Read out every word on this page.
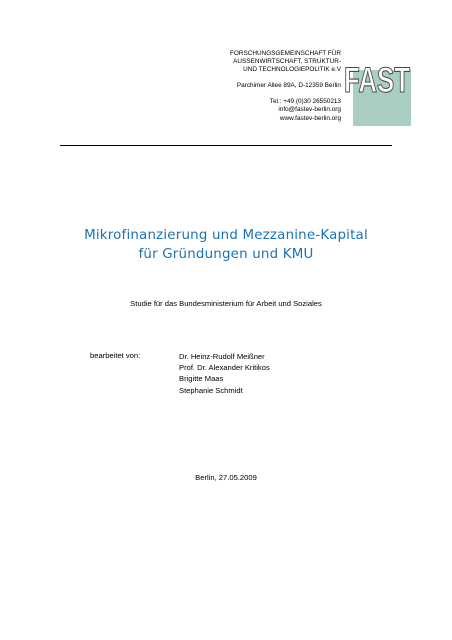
FORSCHUNGSGEMEINSCHAFT FÜR
AUSSENWIRTSCHAFT, STRUKTUR-
UND TECHNOLOGIEPOLITIK e.V
Parchimer Allee 89A, D-12359 Berlin
Tel.: +49 (0)30 26550213
info@fastev-berlin.org
www.fastev-berlin.org
FAST
Mikrofinanzierung und Mezzanine-Kapital
für Gründungen und KMU
Studie für das Bundesministerium für Arbeit und Soziales
bearbeitet von:	Dr. Heinz-Rudolf Meißner
Prof. Dr. Alexander Kritikos
Brigitte Maas
Stephanie Schmidt
Berlin, 27.05.2009
